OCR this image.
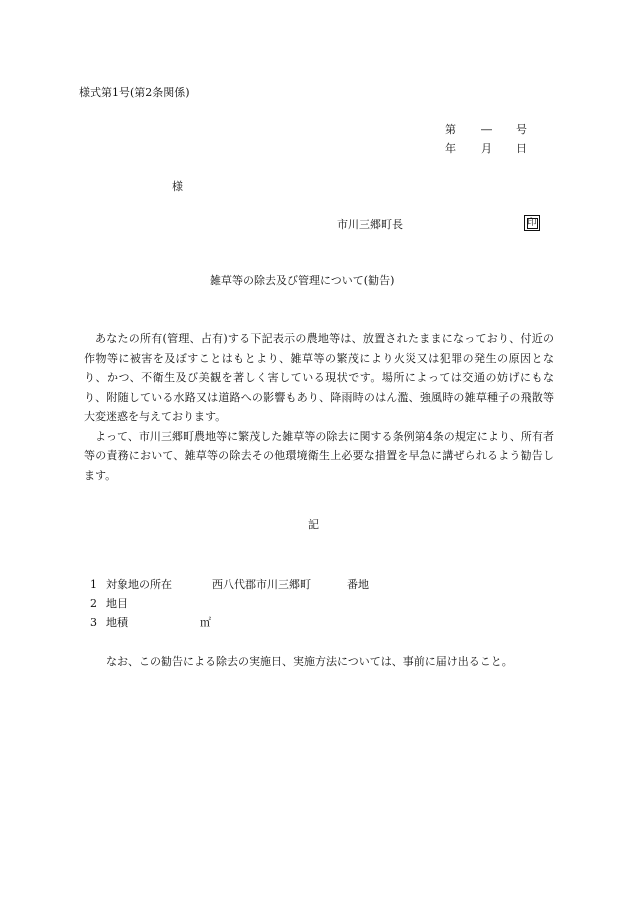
様式第1号(第2条関係)
第 ― 号
年 月 日
様
市川三郷町長	印
雑草等の除去及び管理について(勧告)

あなたの所有(管理、占有)する下記表示の農地等は、放置されたままになっており、付近の作物等に被害を及ぼすことはもとより、雑草等の繁茂により火災又は犯罪の発生の原因となり、かつ、不衛生及び美観を著しく害している現状です。場所によっては交通の妨げにもなり、附随している水路又は道路への影響もあり、降雨時のはん濫、強風時の雑草種子の飛散等大変迷惑を与えております。

よって、市川三郷町農地等に繁茂した雑草等の除去に関する条例第4条の規定により、所有者等の責務において、雑草等の除去その他環境衛生上必要な措置を早急に講ぜられるよう勧告します。

記
1 対象地の所在	西八代郡市川三郷町	番地
2 地目
3 地積	㎡
なお、この勧告による除去の実施日、実施方法については、事前に届け出ること。
